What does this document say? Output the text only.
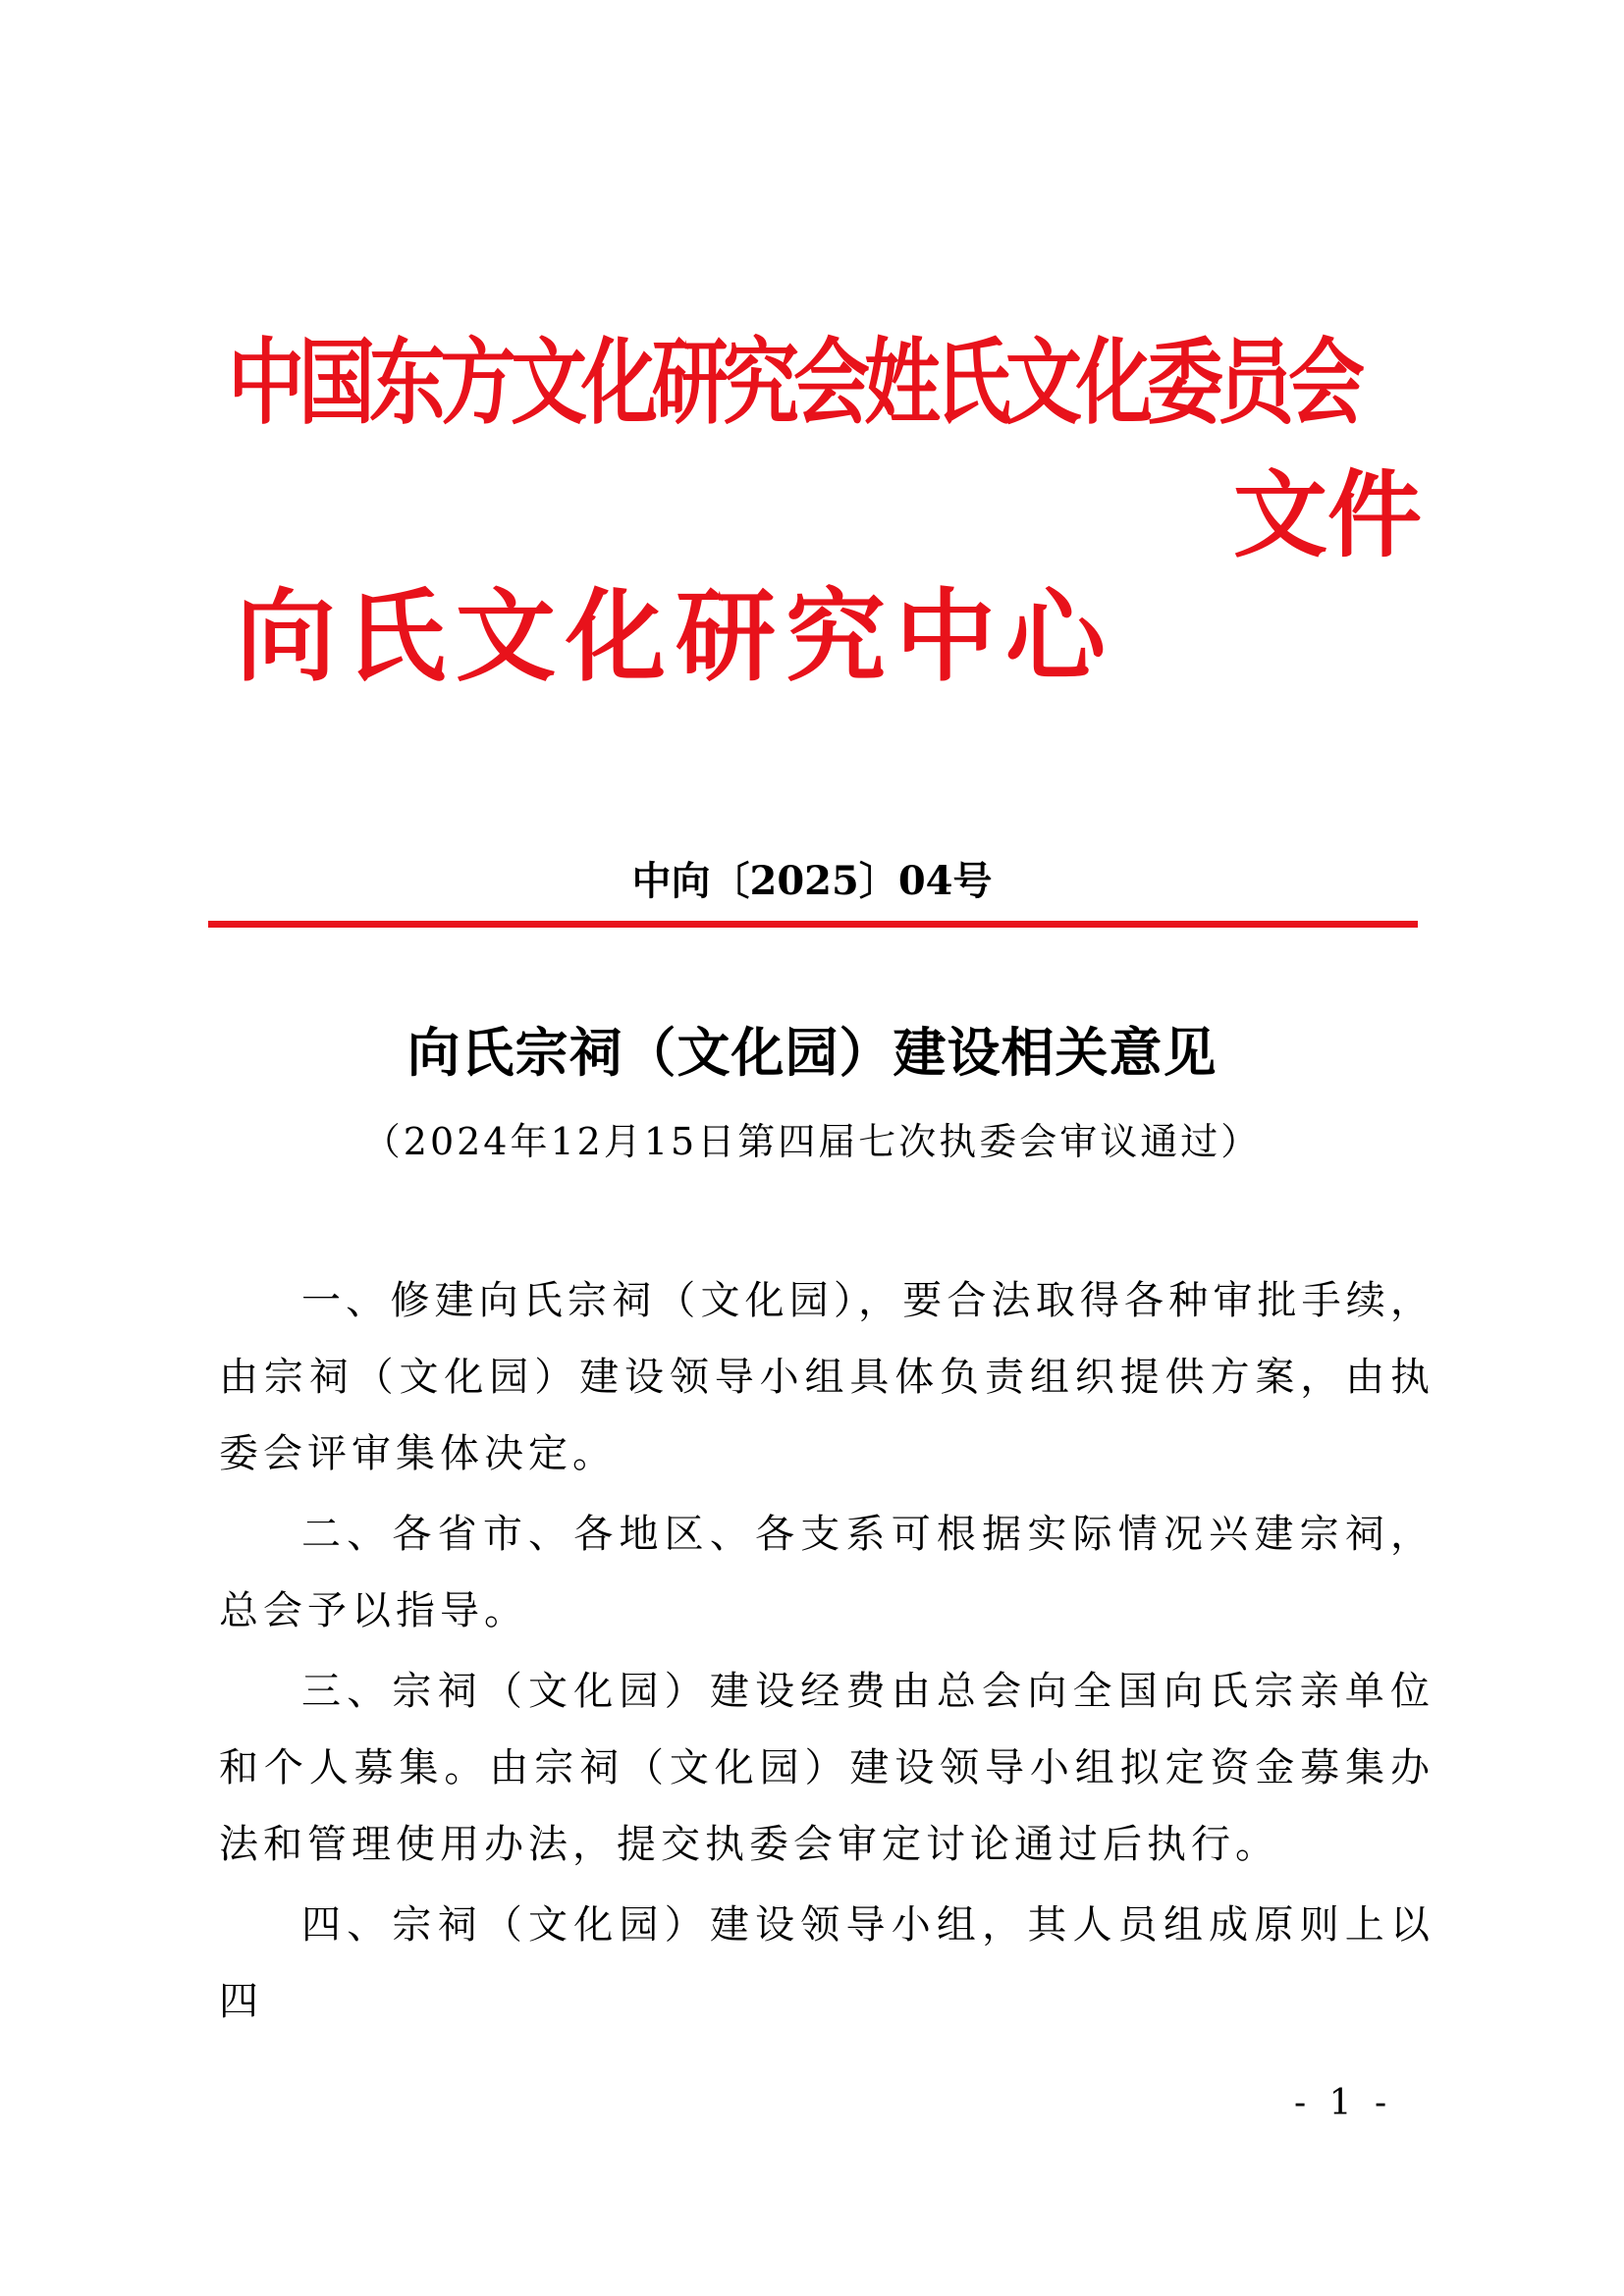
中国东方文化研究会姓氏文化委员会
文件
向氏文化研究中心
中向〔2025〕04号
向氏宗祠（文化园）建设相关意见
（2024年12月15日第四届七次执委会审议通过）

一、修建向氏宗祠（文化园），要合法取得各种审批手续，由宗祠（文化园）建设领导小组具体负责组织提供方案，由执委会评审集体决定。

二、各省市、各地区、各支系可根据实际情况兴建宗祠，总会予以指导。

三、宗祠（文化园）建设经费由总会向全国向氏宗亲单位和个人募集。由宗祠（文化园）建设领导小组拟定资金募集办法和管理使用办法，提交执委会审定讨论通过后执行。

四、宗祠（文化园）建设领导小组，其人员组成原则上以四

- 1 -
